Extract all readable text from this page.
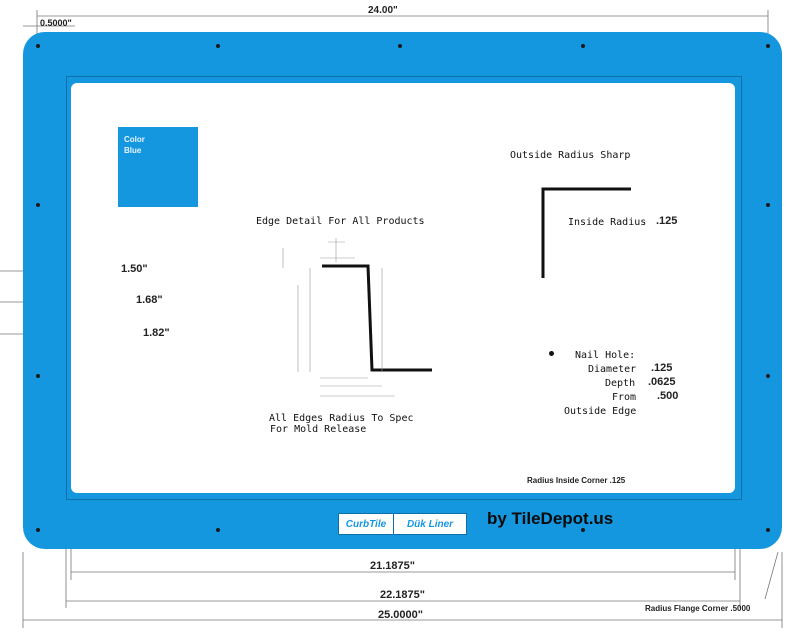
Color
Blue
Edge Detail For All Products
All Edges Radius To Spec
For Mold Release
Outside Radius Sharp
Inside Radius .125
Nail Hole:
Diameter .125
Depth .0625
From .500
Outside Edge
Radius Inside Corner .125
Radius Flange Corner .5000
24.00"
0.5000"
21.1875"
22.1875"
25.0000"
1.50"
1.68"
1.82"
CurbTile Dük Liner by TileDepot.us
